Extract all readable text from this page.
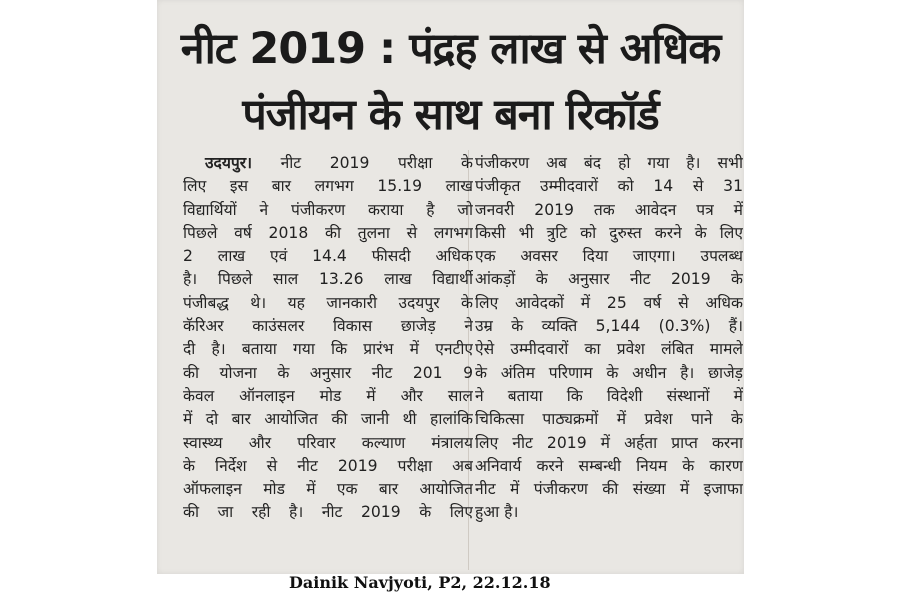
नीट 2019 : पंद्रह लाख से अधिक
पंजीयन के साथ बना रिकॉर्ड
उदयपुर। नीट 2019 परीक्षा के
लिए इस बार लगभग 15.19 लाख
विद्यार्थियों ने पंजीकरण कराया है जो
पिछले वर्ष 2018 की तुलना से लगभग
2 लाख एवं 14.4 फीसदी अधिक
है। पिछले साल 13.26 लाख विद्यार्थी
पंजीबद्ध थे। यह जानकारी उदयपुर के
कॅरिअर काउंसलर विकास छाजेड़ ने
दी है। बताया गया कि प्रारंभ में एनटीए
की योजना के अनुसार नीट 201 9
केवल ऑनलाइन मोड में और साल
में दो बार आयोजित की जानी थी हालांकि
स्वास्थ्य और परिवार कल्याण मंत्रालय
के निर्देश से नीट 2019 परीक्षा अब
ऑफलाइन मोड में एक बार आयोजित
की जा रही है। नीट 2019 के लिए
पंजीकरण अब बंद हो गया है। सभी
पंजीकृत उम्मीदवारों को 14 से 31
जनवरी 2019 तक आवेदन पत्र में
किसी भी त्रुटि को दुरुस्त करने के लिए
एक अवसर दिया जाएगा। उपलब्ध
आंकड़ों के अनुसार नीट 2019 के
लिए आवेदकों में 25 वर्ष से अधिक
उम्र के व्यक्ति 5,144 (0.3%) हैं।
ऐसे उम्मीदवारों का प्रवेश लंबित मामले
के अंतिम परिणाम के अधीन है। छाजेड़
ने बताया कि विदेशी संस्थानों में
चिकित्सा पाठ्यक्रमों में प्रवेश पाने के
लिए नीट 2019 में अर्हता प्राप्त करना
अनिवार्य करने सम्बन्धी नियम के कारण
नीट में पंजीकरण की संख्या में इजाफा
हुआ है।
Dainik Navjyoti, P2, 22.12.18
